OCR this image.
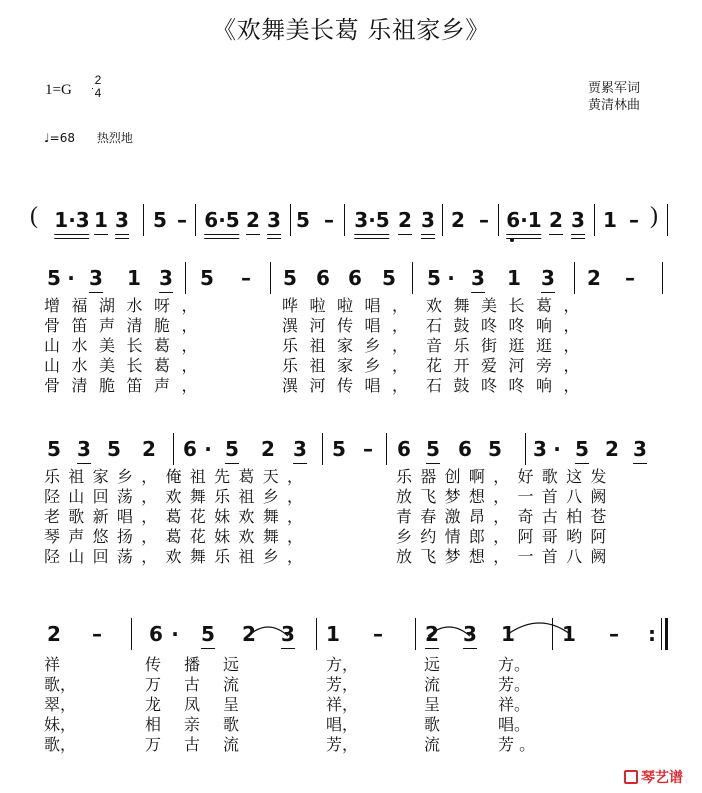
《欢舞美长葛 乐祖家乡》
1=G
2
4	贾累军词
黄清林曲
♩=68 热烈地
(	)
1·3 1 3 5 – 6·5 2 3 5 – 3·5 2 3 2 – 6·1 2 3 1 –
5 · 3 1 3 5 – 5 6 6 5 5 · 3 1 3 2 –
增福湖水呀，
骨笛声清脆，
山水美长葛，
山水美长葛，
骨清脆笛声，
哗啦啦唱，
潩河传唱，
乐祖家乡，
乐祖家乡，
潩河传唱，
欢舞美长葛，
石鼓咚咚响，
音乐街逛逛，
花开爱河旁，
石鼓咚咚响，
5 3 5 2 6 · 5 2 3 5 – 6 5 6 5 3 · 5 2 3
乐祖家乡，俺祖先葛天，
陉山回荡，欢舞乐祖乡，
老歌新唱，葛花妹欢舞，
琴声悠扬，葛花妹欢舞，
陉山回荡，欢舞乐祖乡，
乐器创啊，好歌这发
放飞梦想，一首八阙
青春激昂，奇古柏苍
乡约情郎，阿哥哟阿
放飞梦想，一首八阙
2 – 6 · 5 2 3 1 – 2 3 1 1 – :
祥
歌，
翠，
妹，
歌，
传播远
万古流
龙凤呈
相亲歌
万古流
方，
芳，
祥，
唱，
芳，
远
流
呈
歌
流
方。
芳。
祥。
唱。
芳 。
琴艺谱
